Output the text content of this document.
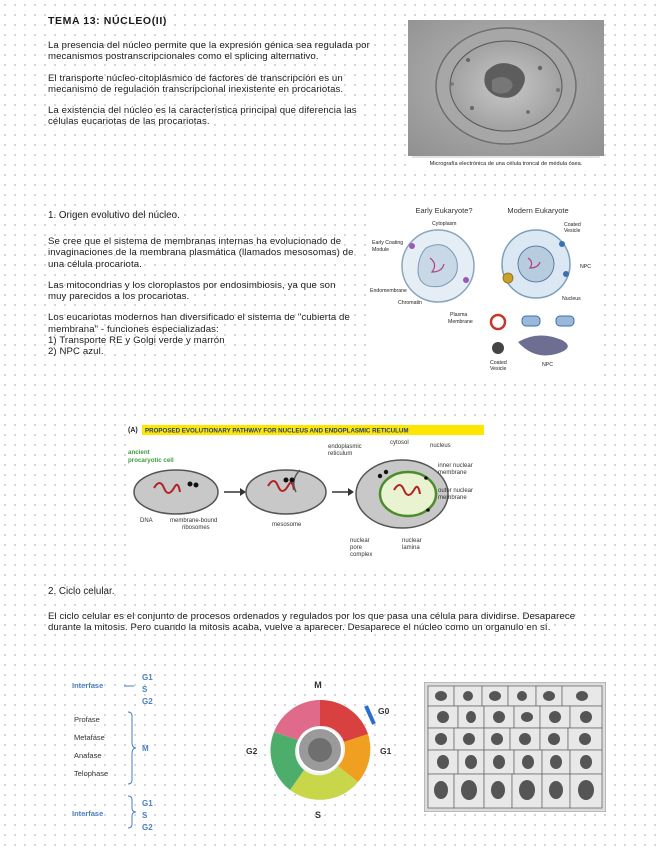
TEMA 13: NÚCLEO(II)

La presencia del núcleo permite que la expresión génica sea regulada por mecanismos postranscripcionales como el splicing alternativo.

El transporte núcleo-citoplásmico de factores de transcripción es un mecanismo de regulación transcripcional inexistente en procariotas.

La existencia del núcleo es la característica principal que diferencia las células eucariotas de las procariotas.

Micrografía electrónica de una célula troncal de médula ósea.
1. Origen evolutivo del núcleo.

Se cree que el sistema de membranas internas ha evolucionado de invaginaciones de la membrana plasmática (llamados mesosomas) de una célula procariota.

Las mitocondrias y los cloroplastos por endosimbiosis, ya que son muy parecidos a los procariotas.

Los eucariotas modernos han diversificado el sistema de "cubierta de membrana" - funciones especializadas:

1) Transporte RE y Golgi verde y marrón

2) NPC azul.

Early Eukaryote?	Modern Eukaryote
Cytoplasm
Early Coating
Module
Endomembrane
Chromatin
Plasma
Membrane
Coated
Vesicle
NPC
Nucleus
Coated
Vesicle
NPC
(A) PROPOSED EVOLUTIONARY PATHWAY FOR NUCLEUS AND ENDOPLASMIC RETICULUM
ancient
procaryotic cell
DNA	membrane-bound
ribosomes	mesosome
endoplasmic
reticulum
cytosol	nucleus
inner nuclear
membrane
outer nuclear
membrane
nuclear
pore
complex
nuclear
lamina
2. Ciclo celular.
El ciclo celular es el conjunto de procesos ordenados y regulados por los que pasa una célula para dividirse. Desaparece durante la mitosis. Pero cuando la mitosis acaba, vuelve a aparecer. Desaparece el núcleo como un organulo en sí.
Interfase
G1
S
G2
M
Profase
Metafase
Anafase
Telophase
Interfase
G1
S
G2
M
G0
G1
G2
S
